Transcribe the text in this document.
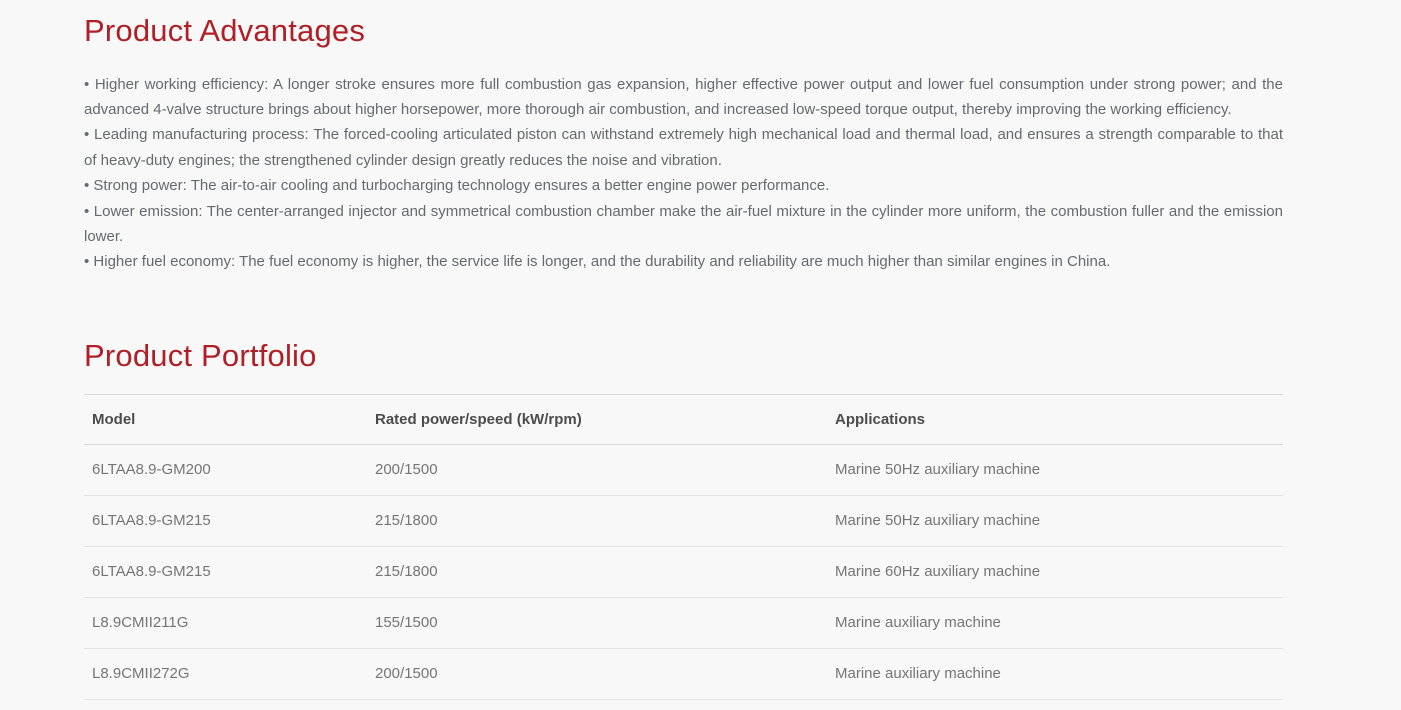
Product Advantages

• Higher working efficiency: A longer stroke ensures more full combustion gas expansion, higher effective power output and lower fuel consumption under strong power; and the advanced 4-valve structure brings about higher horsepower, more thorough air combustion, and increased low-speed torque output, thereby improving the working efficiency.

• Leading manufacturing process: The forced-cooling articulated piston can withstand extremely high mechanical load and thermal load, and ensures a strength comparable to that of heavy-duty engines; the strengthened cylinder design greatly reduces the noise and vibration.

• Strong power: The air-to-air cooling and turbocharging technology ensures a better engine power performance.

• Lower emission: The center-arranged injector and symmetrical combustion chamber make the air-fuel mixture in the cylinder more uniform, the combustion fuller and the emission lower.

• Higher fuel economy: The fuel economy is higher, the service life is longer, and the durability and reliability are much higher than similar engines in China.

Product Portfolio
Model	Rated power/speed (kW/rpm)	Applications
6LTAA8.9-GM200	200/1500	Marine 50Hz auxiliary machine
6LTAA8.9-GM215	215/1800	Marine 50Hz auxiliary machine
6LTAA8.9-GM215	215/1800	Marine 60Hz auxiliary machine
L8.9CMII211G	155/1500	Marine auxiliary machine
L8.9CMII272G	200/1500	Marine auxiliary machine
